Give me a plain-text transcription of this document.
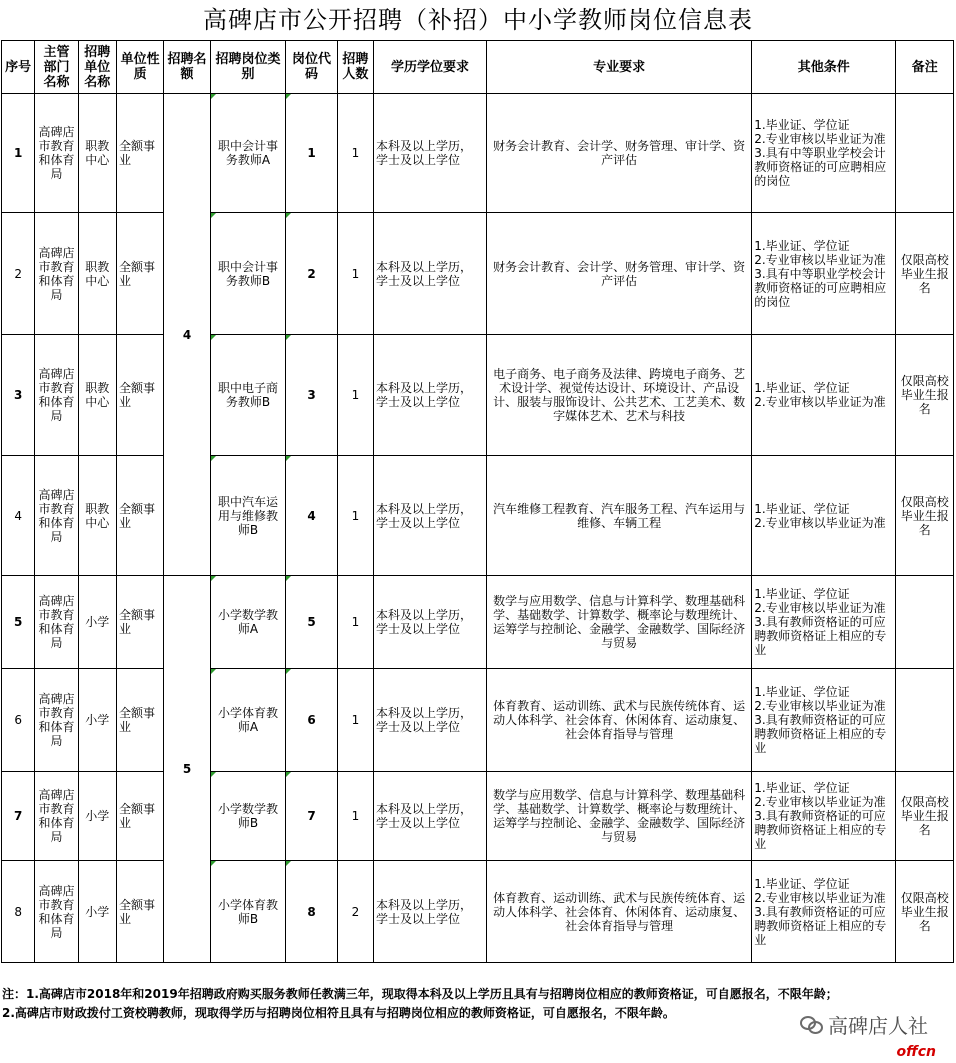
高碑店市公开招聘（补招）中小学教师岗位信息表
序号	主管部门名称	招聘单位名称	单位性质	招聘名额	招聘岗位类别	岗位代码	招聘人数	学历学位要求	专业要求	其他条件	备注
1	高碑店市教育和体育局	职教中心	全额事业	4	职中会计事务教师A	1	1	本科及以上学历，学士及以上学位	财务会计教育、会计学、财务管理、审计学、资产评估	1.毕业证、学位证
2.专业审核以毕业证为准
3.具有中等职业学校会计教师资格证的可应聘相应的岗位	
2	高碑店市教育和体育局	职教中心	全额事业		职中会计事务教师B	2	1	本科及以上学历，学士及以上学位	财务会计教育、会计学、财务管理、审计学、资产评估	1.毕业证、学位证
2.专业审核以毕业证为准
3.具有中等职业学校会计教师资格证的可应聘相应的岗位	仅限高校毕业生报名
3	高碑店市教育和体育局	职教中心	全额事业		职中电子商务教师B	3	1	本科及以上学历，学士及以上学位	电子商务、电子商务及法律、跨境电子商务、艺术设计学、视觉传达设计、环境设计、产品设计、服装与服饰设计、公共艺术、工艺美术、数字媒体艺术、艺术与科技	1.毕业证、学位证
2.专业审核以毕业证为准	仅限高校毕业生报名
4	高碑店市教育和体育局	职教中心	全额事业		职中汽车运用与维修教师B	4	1	本科及以上学历，学士及以上学位	汽车维修工程教育、汽车服务工程、汽车运用与维修、车辆工程	1.毕业证、学位证
2.专业审核以毕业证为准	仅限高校毕业生报名
5	高碑店市教育和体育局	小学	全额事业	5	小学数学教师A	5	1	本科及以上学历，学士及以上学位	数学与应用数学、信息与计算科学、数理基础科学、基础数学、计算数学、概率论与数理统计、运筹学与控制论、金融学、金融数学、国际经济与贸易	1.毕业证、学位证
2.专业审核以毕业证为准
3.具有教师资格证的可应聘教师资格证上相应的专业	
6	高碑店市教育和体育局	小学	全额事业		小学体育教师A	6	1	本科及以上学历，学士及以上学位	体育教育、运动训练、武术与民族传统体育、运动人体科学、社会体育、休闲体育、运动康复、社会体育指导与管理	1.毕业证、学位证
2.专业审核以毕业证为准
3.具有教师资格证的可应聘教师资格证上相应的专业	
7	高碑店市教育和体育局	小学	全额事业		小学数学教师B	7	1	本科及以上学历，学士及以上学位	数学与应用数学、信息与计算科学、数理基础科学、基础数学、计算数学、概率论与数理统计、运筹学与控制论、金融学、金融数学、国际经济与贸易	1.毕业证、学位证
2.专业审核以毕业证为准
3.具有教师资格证的可应聘教师资格证上相应的专业	仅限高校毕业生报名
8	高碑店市教育和体育局	小学	全额事业		小学体育教师B	8	2	本科及以上学历，学士及以上学位	体育教育、运动训练、武术与民族传统体育、运动人体科学、社会体育、休闲体育、运动康复、社会体育指导与管理	1.毕业证、学位证
2.专业审核以毕业证为准
3.具有教师资格证的可应聘教师资格证上相应的专业	仅限高校毕业生报名
注：1.高碑店市2018年和2019年招聘政府购买服务教师任教满三年，现取得本科及以上学历且具有与招聘岗位相应的教师资格证，可自愿报名，不限年龄；
2.高碑店市财政拨付工资校聘教师，现取得学历与招聘岗位相符且具有与招聘岗位相应的教师资格证，可自愿报名，不限年龄。
高碑店人社
offcn
